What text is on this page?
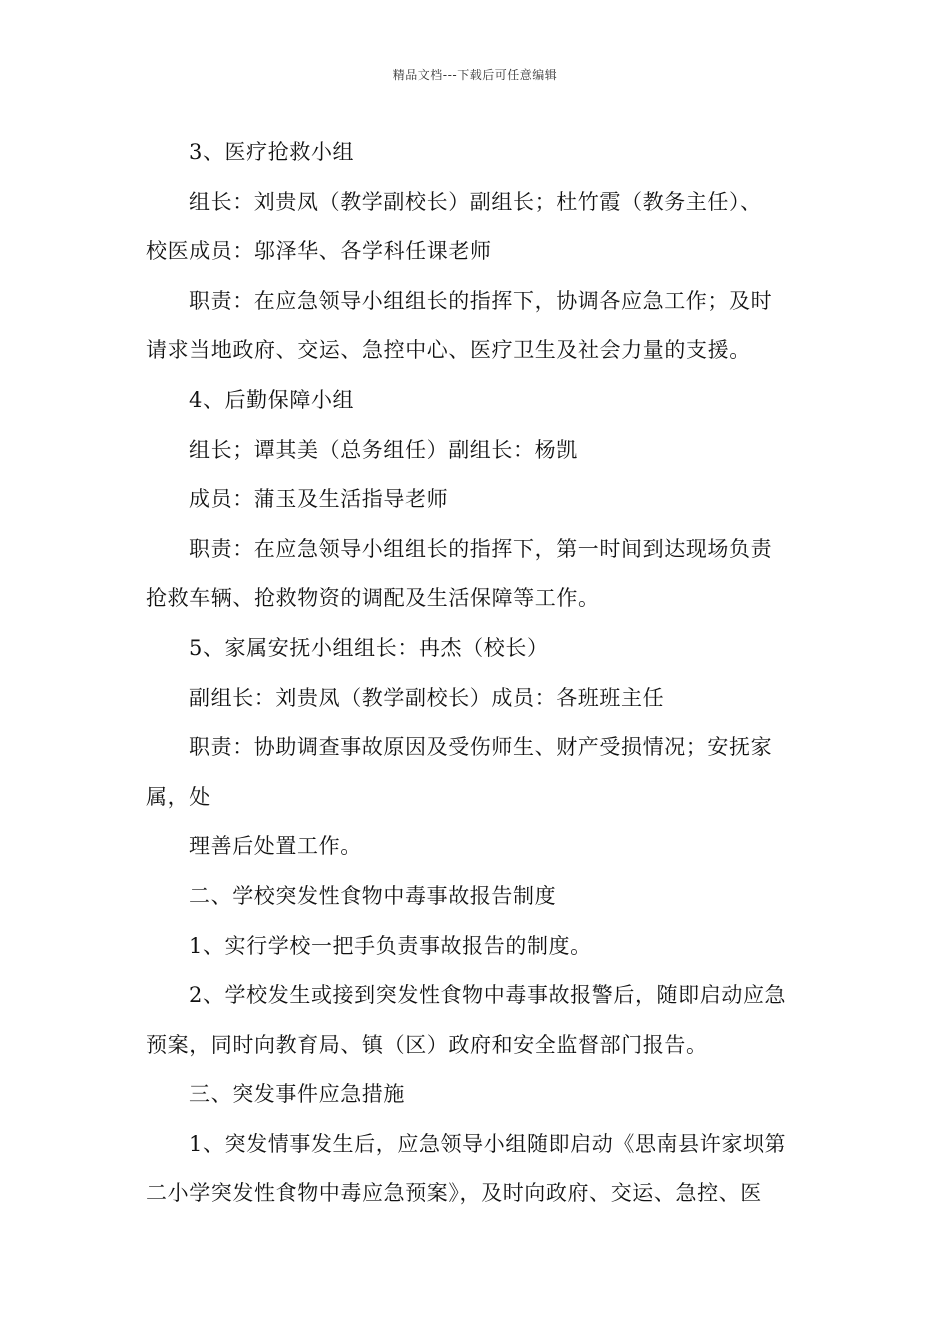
精品文档---下载后可任意编辑
3、医疗抢救小组
组长：刘贵凤（教学副校长）副组长；杜竹霞（教务主任）、
校医成员：邬泽华、各学科任课老师
职责：在应急领导小组组长的指挥下，协调各应急工作；及时
请求当地政府、交运、急控中心、医疗卫生及社会力量的支援。
4、后勤保障小组
组长；谭其美（总务组任）副组长：杨凯
成员：蒲玉及生活指导老师
职责：在应急领导小组组长的指挥下，第一时间到达现场负责
抢救车辆、抢救物资的调配及生活保障等工作。
5、家属安抚小组组长：冉杰（校长）
副组长：刘贵凤（教学副校长）成员：各班班主任
职责：协助调查事故原因及受伤师生、财产受损情况；安抚家
属，处
理善后处置工作。
二、学校突发性食物中毒事故报告制度
1、实行学校一把手负责事故报告的制度。
2、学校发生或接到突发性食物中毒事故报警后，随即启动应急
预案，同时向教育局、镇（区）政府和安全监督部门报告。
三、突发事件应急措施
1、突发情事发生后，应急领导小组随即启动《思南县许家坝第
二小学突发性食物中毒应急预案》，及时向政府、交运、急控、医
